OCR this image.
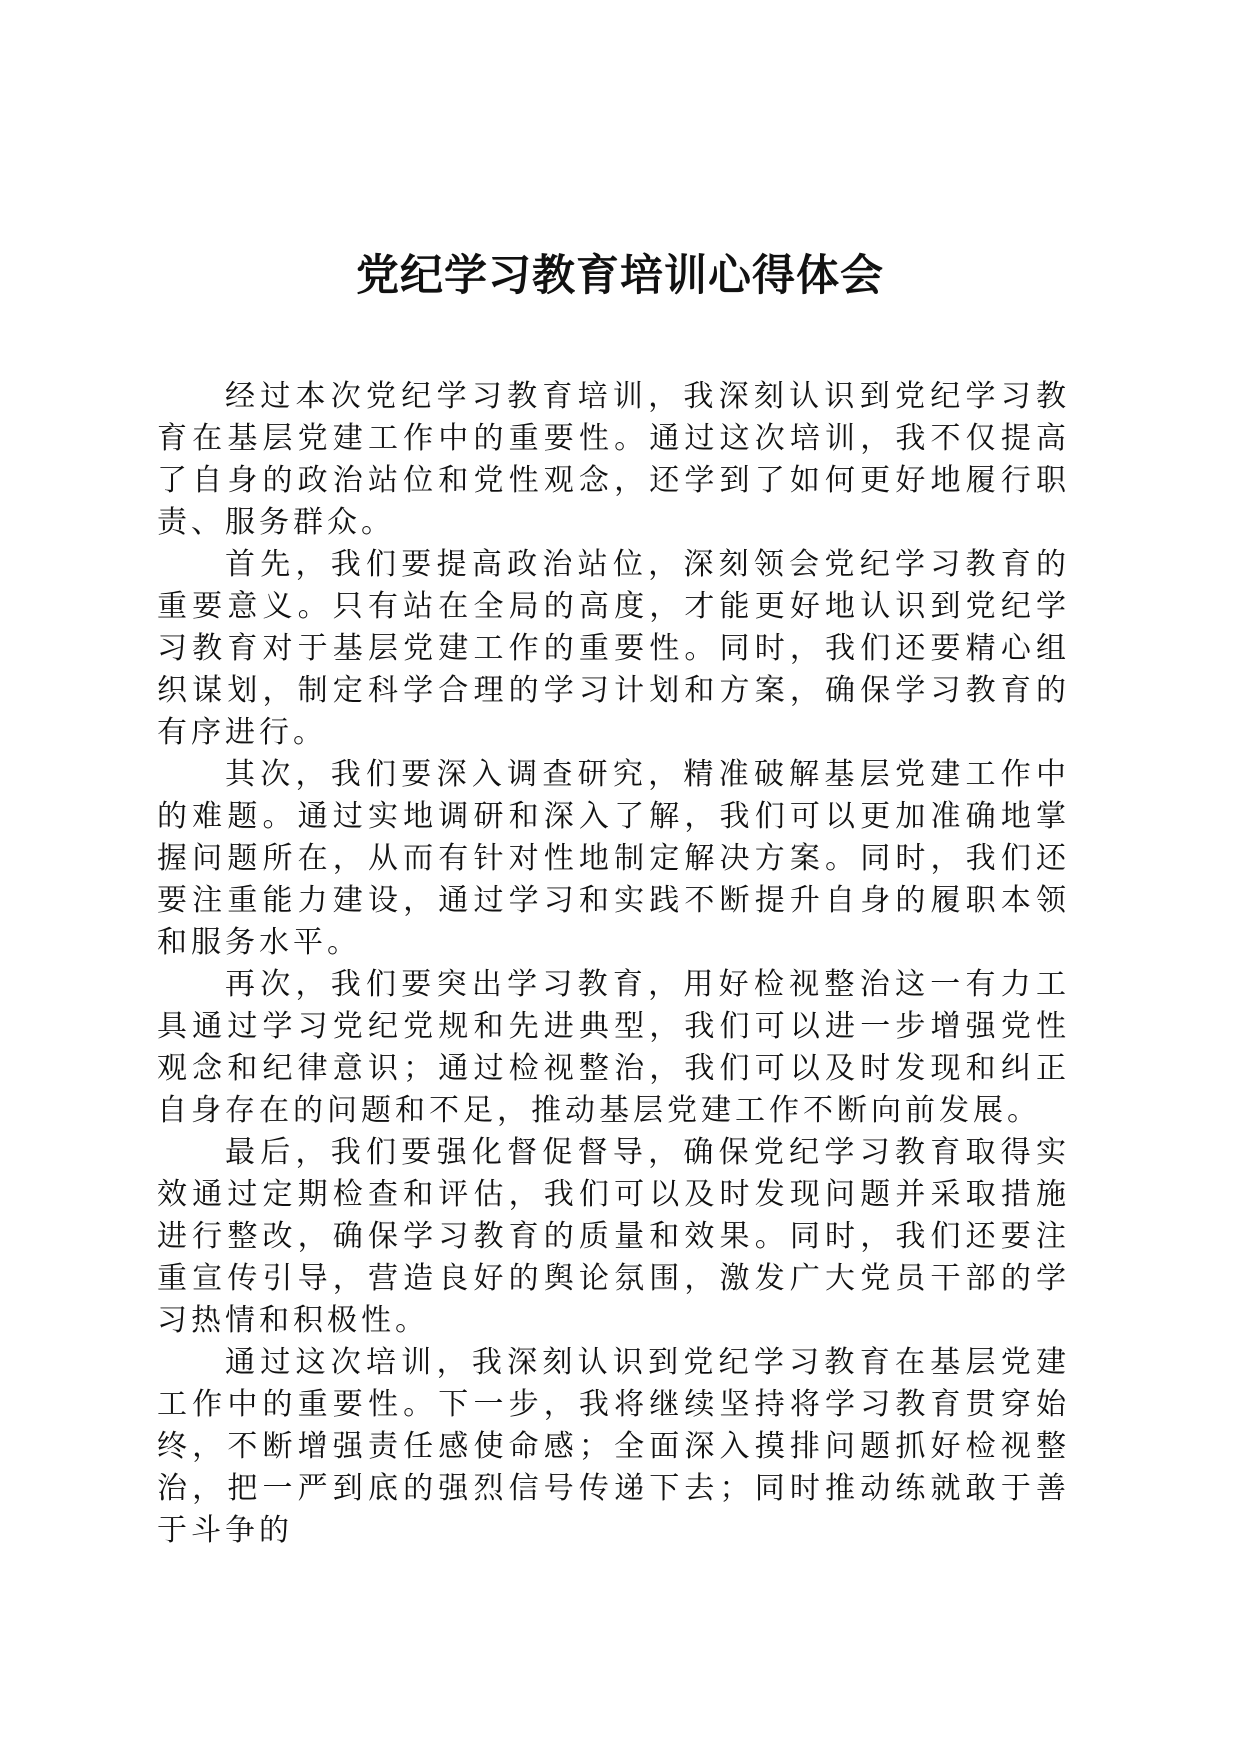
党纪学习教育培训心得体会

经过本次党纪学习教育培训，我深刻认识到党纪学习教育在基层党建工作中的重要性。通过这次培训，我不仅提高了自身的政治站位和党性观念，还学到了如何更好地履行职责、服务群众。

首先，我们要提高政治站位，深刻领会党纪学习教育的重要意义。只有站在全局的高度，才能更好地认识到党纪学习教育对于基层党建工作的重要性。同时，我们还要精心组织谋划，制定科学合理的学习计划和方案，确保学习教育的有序进行。

其次，我们要深入调查研究，精准破解基层党建工作中的难题。通过实地调研和深入了解，我们可以更加准确地掌握问题所在，从而有针对性地制定解决方案。同时，我们还要注重能力建设，通过学习和实践不断提升自身的履职本领和服务水平。

再次，我们要突出学习教育，用好检视整治这一有力工具通过学习党纪党规和先进典型，我们可以进一步增强党性观念和纪律意识；通过检视整治，我们可以及时发现和纠正自身存在的问题和不足，推动基层党建工作不断向前发展。

最后，我们要强化督促督导，确保党纪学习教育取得实效通过定期检查和评估，我们可以及时发现问题并采取措施进行整改，确保学习教育的质量和效果。同时，我们还要注重宣传引导，营造良好的舆论氛围，激发广大党员干部的学习热情和积极性。

通过这次培训，我深刻认识到党纪学习教育在基层党建工作中的重要性。下一步，我将继续坚持将学习教育贯穿始终，不断增强责任感使命感；全面深入摸排问题抓好检视整治，把一严到底的强烈信号传递下去；同时推动练就敢于善于斗争的
